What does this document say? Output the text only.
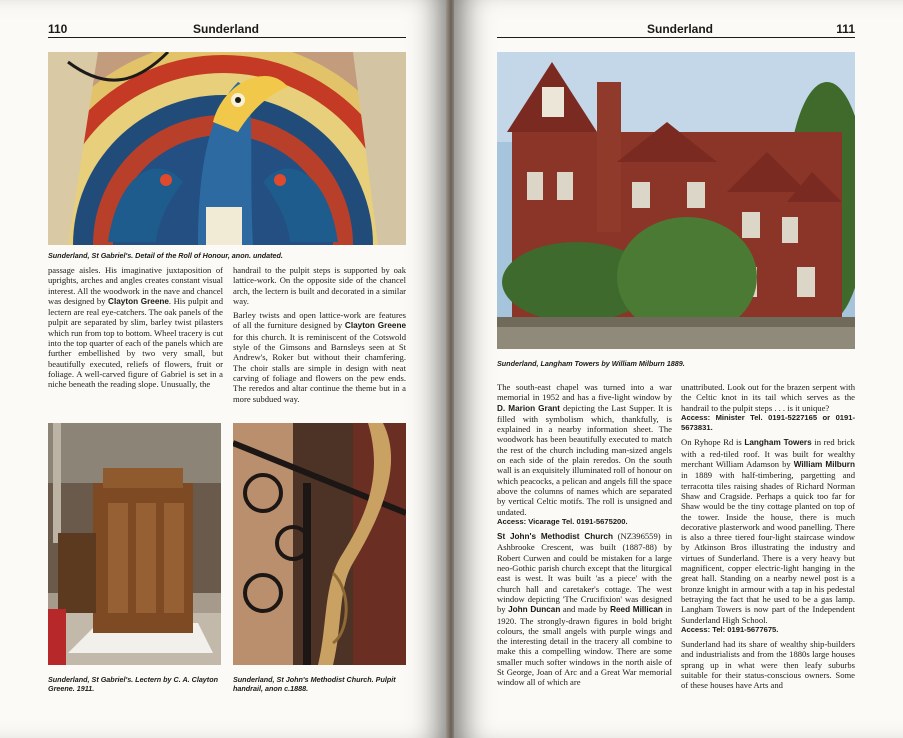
110	Sunderland
Sunderland, St Gabriel's. Detail of the Roll of Honour, anon. undated.

passage aisles. His imaginative juxtaposition of uprights, arches and angles creates constant visual interest. All the woodwork in the nave and chancel was designed by Clayton Greene. His pulpit and lectern are real eye-catchers. The oak panels of the pulpit are separated by slim, barley twist pilasters which run from top to bottom. Wheel tracery is cut into the top quarter of each of the panels which are further embellished by two very small, but beautifully executed, reliefs of flowers, fruit or foliage. A well-carved figure of Gabriel is set in a niche beneath the reading slope. Unusually, the

handrail to the pulpit steps is supported by oak lattice-work. On the opposite side of the chancel arch, the lectern is built and decorated in a similar way.

Barley twists and open lattice-work are features of all the furniture designed by Clayton Greene for this church. It is reminiscent of the Cotswold style of the Gimsons and Barnsleys seen at St Andrew's, Roker but without their chamfering. The choir stalls are simple in design with neat carving of foliage and flowers on the pew ends. The reredos and altar continue the theme but in a more subdued way.

Sunderland, St Gabriel's. Lectern by C. A. Clayton Greene. 1911.
Sunderland, St John's Methodist Church. Pulpit handrail, anon c.1888.
Sunderland	111
Sunderland, Langham Towers by William Milburn 1889.

The south-east chapel was turned into a war memorial in 1952 and has a five-light window by D. Marion Grant depicting the Last Supper. It is filled with symbolism which, thankfully, is explained in a nearby information sheet. The woodwork has been beautifully executed to match the rest of the church including man-sized angels on each side of the plain reredos. On the south wall is an exquisitely illuminated roll of honour on which peacocks, a pelican and angels fill the space above the columns of names which are separated by vertical Celtic motifs. The roll is unsigned and undated.
Access: Vicarage Tel. 0191-5675200.

St John's Methodist Church (NZ396559) in Ashbrooke Crescent, was built (1887-88) by Robert Curwen and could be mistaken for a large neo-Gothic parish church except that the liturgical east is west. It was built 'as a piece' with the church hall and caretaker's cottage. The west window depicting 'The Crucifixion' was designed by John Duncan and made by Reed Millican in 1920. The strongly-drawn figures in bold bright colours, the small angels with purple wings and the interesting detail in the tracery all combine to make this a compelling window. There are some smaller much softer windows in the north aisle of St George, Joan of Arc and a Great War memorial window all of which are

unattributed. Look out for the brazen serpent with the Celtic knot in its tail which serves as the handrail to the pulpit steps . . . is it unique?
Access: Minister Tel. 0191-5227165 or 0191-5673831.

On Ryhope Rd is Langham Towers in red brick with a red-tiled roof. It was built for wealthy merchant William Adamson by William Milburn in 1889 with half-timbering, pargetting and terracotta tiles raising shades of Richard Norman Shaw and Cragside. Perhaps a quick too far for Shaw would be the tiny cottage planted on top of the tower. Inside the house, there is much decorative plasterwork and wood panelling. There is also a three tiered four-light staircase window by Atkinson Bros illustrating the industry and virtues of Sunderland. There is a very heavy but magnificent, copper electric-light hanging in the great hall. Standing on a nearby newel post is a bronze knight in armour with a tap in his pedestal betraying the fact that he used to be a gas lamp. Langham Towers is now part of the Independent Sunderland High School.
Access: Tel: 0191-5677675.

Sunderland had its share of wealthy ship-builders and industrialists and from the 1880s large houses sprang up in what were then leafy suburbs suitable for their status-conscious owners. Some of these houses have Arts and
